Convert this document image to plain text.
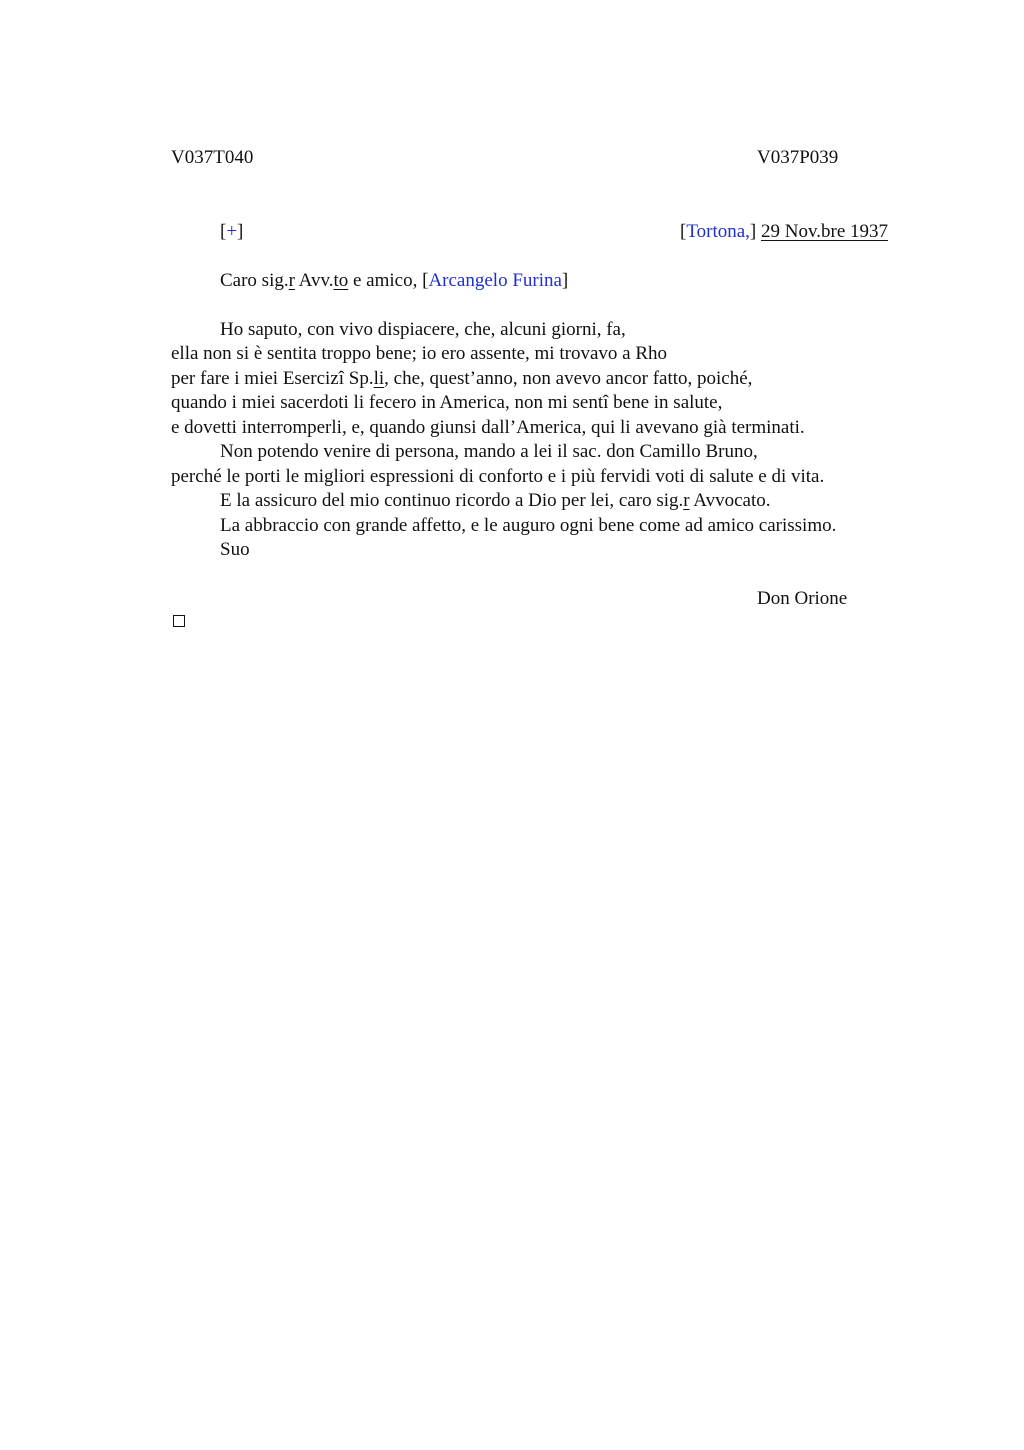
V037T040	V037P039
[+]	[Tortona,] 29 Nov.bre 1937
Caro sig.r Avv.to e amico, [Arcangelo Furina]
Ho saputo, con vivo dispiacere, che, alcuni giorni, fa,
ella non si è sentita troppo bene; io ero assente, mi trovavo a Rho
per fare i miei Esercizi Sp.li, che, quest’anno, non avevo ancor fatto, poiché,
quando i miei sacerdoti li fecero in America, non mi senti bene in salute,
e dovetti interromperli, e, quando giunsi dall’America, qui li avevano già terminati.
Non potendo venire di persona, mando a lei il sac. don Camillo Bruno,
perché le porti le migliori espressioni di conforto e i più fervidi voti di salute e di vita.
E la assicuro del mio continuo ricordo a Dio per lei, caro sig.r Avvocato.
La abbraccio con grande affetto, e le auguro ogni bene come ad amico carissimo.
Suo
Don Orione
